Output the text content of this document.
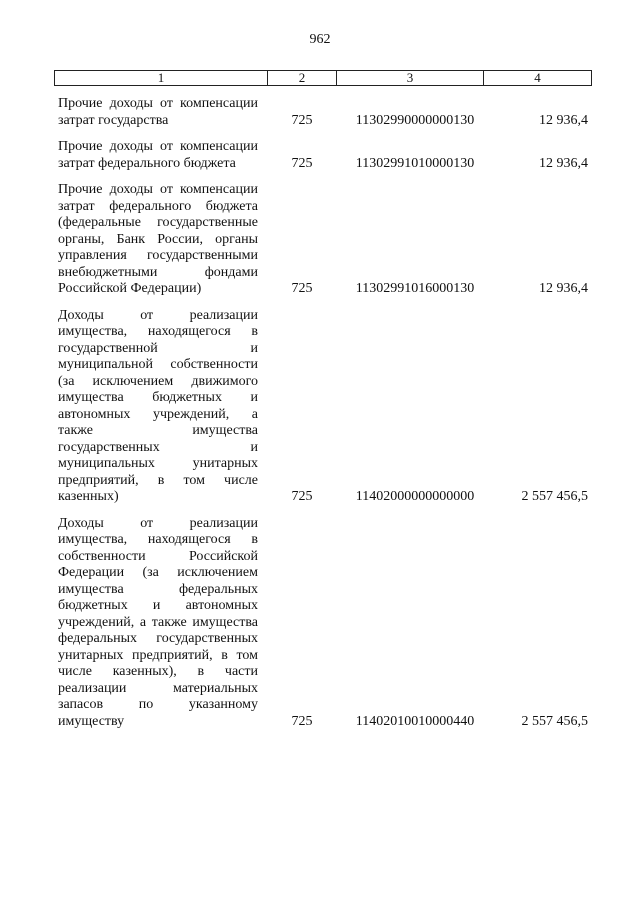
962
1	2	3	4
Прочие доходы от компенсации затрат государства	725	11302990000000130	12 936,4
Прочие доходы от компенсации затрат федерального бюджета	725	11302991010000130	12 936,4
Прочие доходы от компенсации затрат федерального бюджета (федеральные государственные органы, Банк России, органы управления государственными внебюджетными фондами Российской Федерации)	725	11302991016000130	12 936,4
Доходы от реализации имущества, находящегося в государственной и муниципальной собственности (за исключением движимого имущества бюджетных и автономных учреждений, а также имущества государственных и муниципальных унитарных предприятий, в том числе казенных)	725	11402000000000000	2 557 456,5
Доходы от реализации имущества, находящегося в собственности Российской Федерации (за исключением имущества федеральных бюджетных и автономных учреждений, а также имущества федеральных государственных унитарных предприятий, в том числе казенных), в части реализации материальных запасов по указанному имуществу	725	11402010010000440	2 557 456,5
